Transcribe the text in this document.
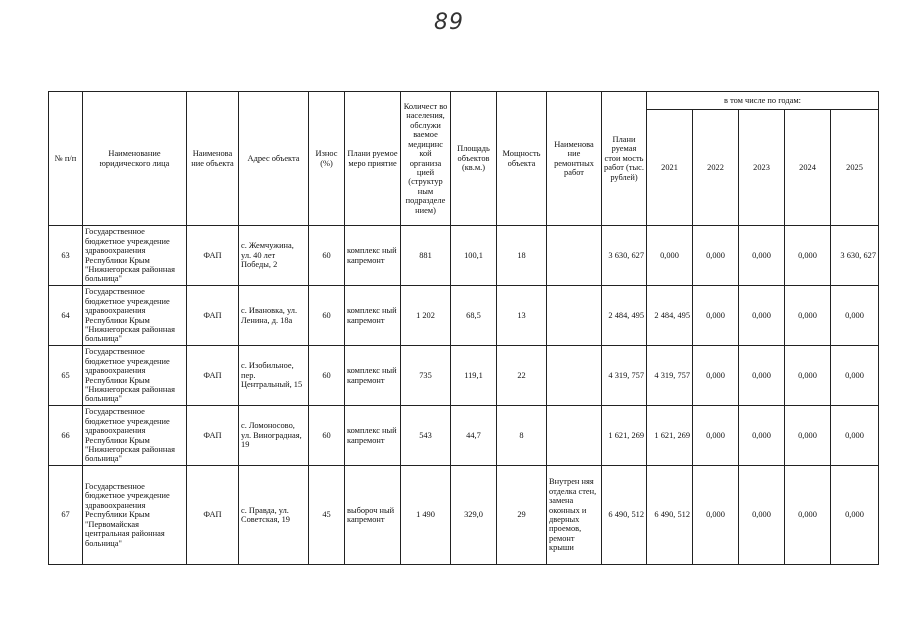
89
№ п/п	Наименование юридического лица	Наименова ние объекта	Адрес объекта	Износ (%)	Плани руемое меро приятие	Количест во населения, обслужи ваемое медицинс кой организа цией (структур ным подразделе нием)	Площадь объектов (кв.м.)	Мощность объекта	Наименова ние ремонтных работ	Плани руемая стои мость работ (тыс. рублей)	в том числе по годам:				
											2021	2022	2023	2024	2025
63	Государственное бюджетное учреждение здравоохранения Республики Крым "Нижнегорская районная больница"	ФАП	с. Жемчужина, ул. 40 лет Победы, 2	60	комплекс ный капремонт	881	100,1	18		3 630, 627	0,000	0,000	0,000	0,000	3 630, 627
64	Государственное бюджетное учреждение здравоохранения Республики Крым "Нижнегорская районная больница"	ФАП	с. Ивановка, ул. Ленина, д. 18а	60	комплекс ный капремонт	1 202	68,5	13		2 484, 495	2 484, 495	0,000	0,000	0,000	0,000
65	Государственное бюджетное учреждение здравоохранения Республики Крым "Нижнегорская районная больница"	ФАП	с. Изобильное, пер. Центральный, 15	60	комплекс ный капремонт	735	119,1	22		4 319, 757	4 319, 757	0,000	0,000	0,000	0,000
66	Государственное бюджетное учреждение здравоохранения Республики Крым "Нижнегорская районная больница"	ФАП	с. Ломоносово, ул. Виноградная, 19	60	комплекс ный капремонт	543	44,7	8		1 621, 269	1 621, 269	0,000	0,000	0,000	0,000
67	Государственное бюджетное учреждение здравоохранения Республики Крым "Первомайская центральная районная больница"	ФАП	с. Правда, ул. Советская, 19	45	выбороч ный капремонт	1 490	329,0	29	Внутрен няя отделка стен, замена оконных и дверных проемов, ремонт крыши	6 490, 512	6 490, 512	0,000	0,000	0,000	0,000
